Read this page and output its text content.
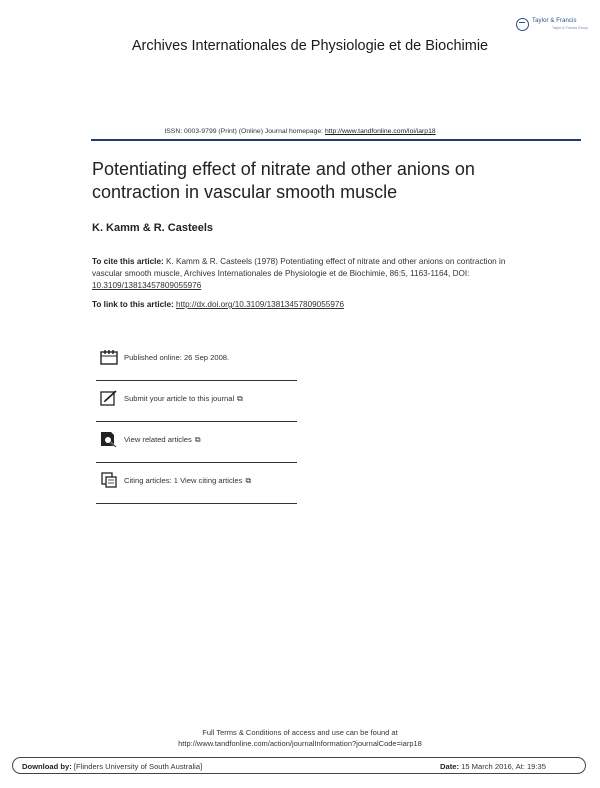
Taylor & Francis
Taylor & Francis Group
Archives Internationales de Physiologie et de Biochimie
ISSN: 0003-9799 (Print) (Online) Journal homepage: http://www.tandfonline.com/loi/iarp18
Potentiating effect of nitrate and other anions on contraction in vascular smooth muscle
K. Kamm & R. Casteels
To cite this article: K. Kamm & R. Casteels (1978) Potentiating effect of nitrate and other anions on contraction in vascular smooth muscle, Archives Internationales de Physiologie et de Biochimie, 86:5, 1163-1164, DOI: 10.3109/13813457809055976
To link to this article: http://dx.doi.org/10.3109/13813457809055976
Published online: 26 Sep 2008.
Submit your article to this journal ⧉
View related articles ⧉
Citing articles: 1 View citing articles ⧉
Full Terms & Conditions of access and use can be found at
http://www.tandfonline.com/action/journalInformation?journalCode=iarp18
Download by: [Flinders University of South Australia]	Date: 15 March 2016, At: 19:35
